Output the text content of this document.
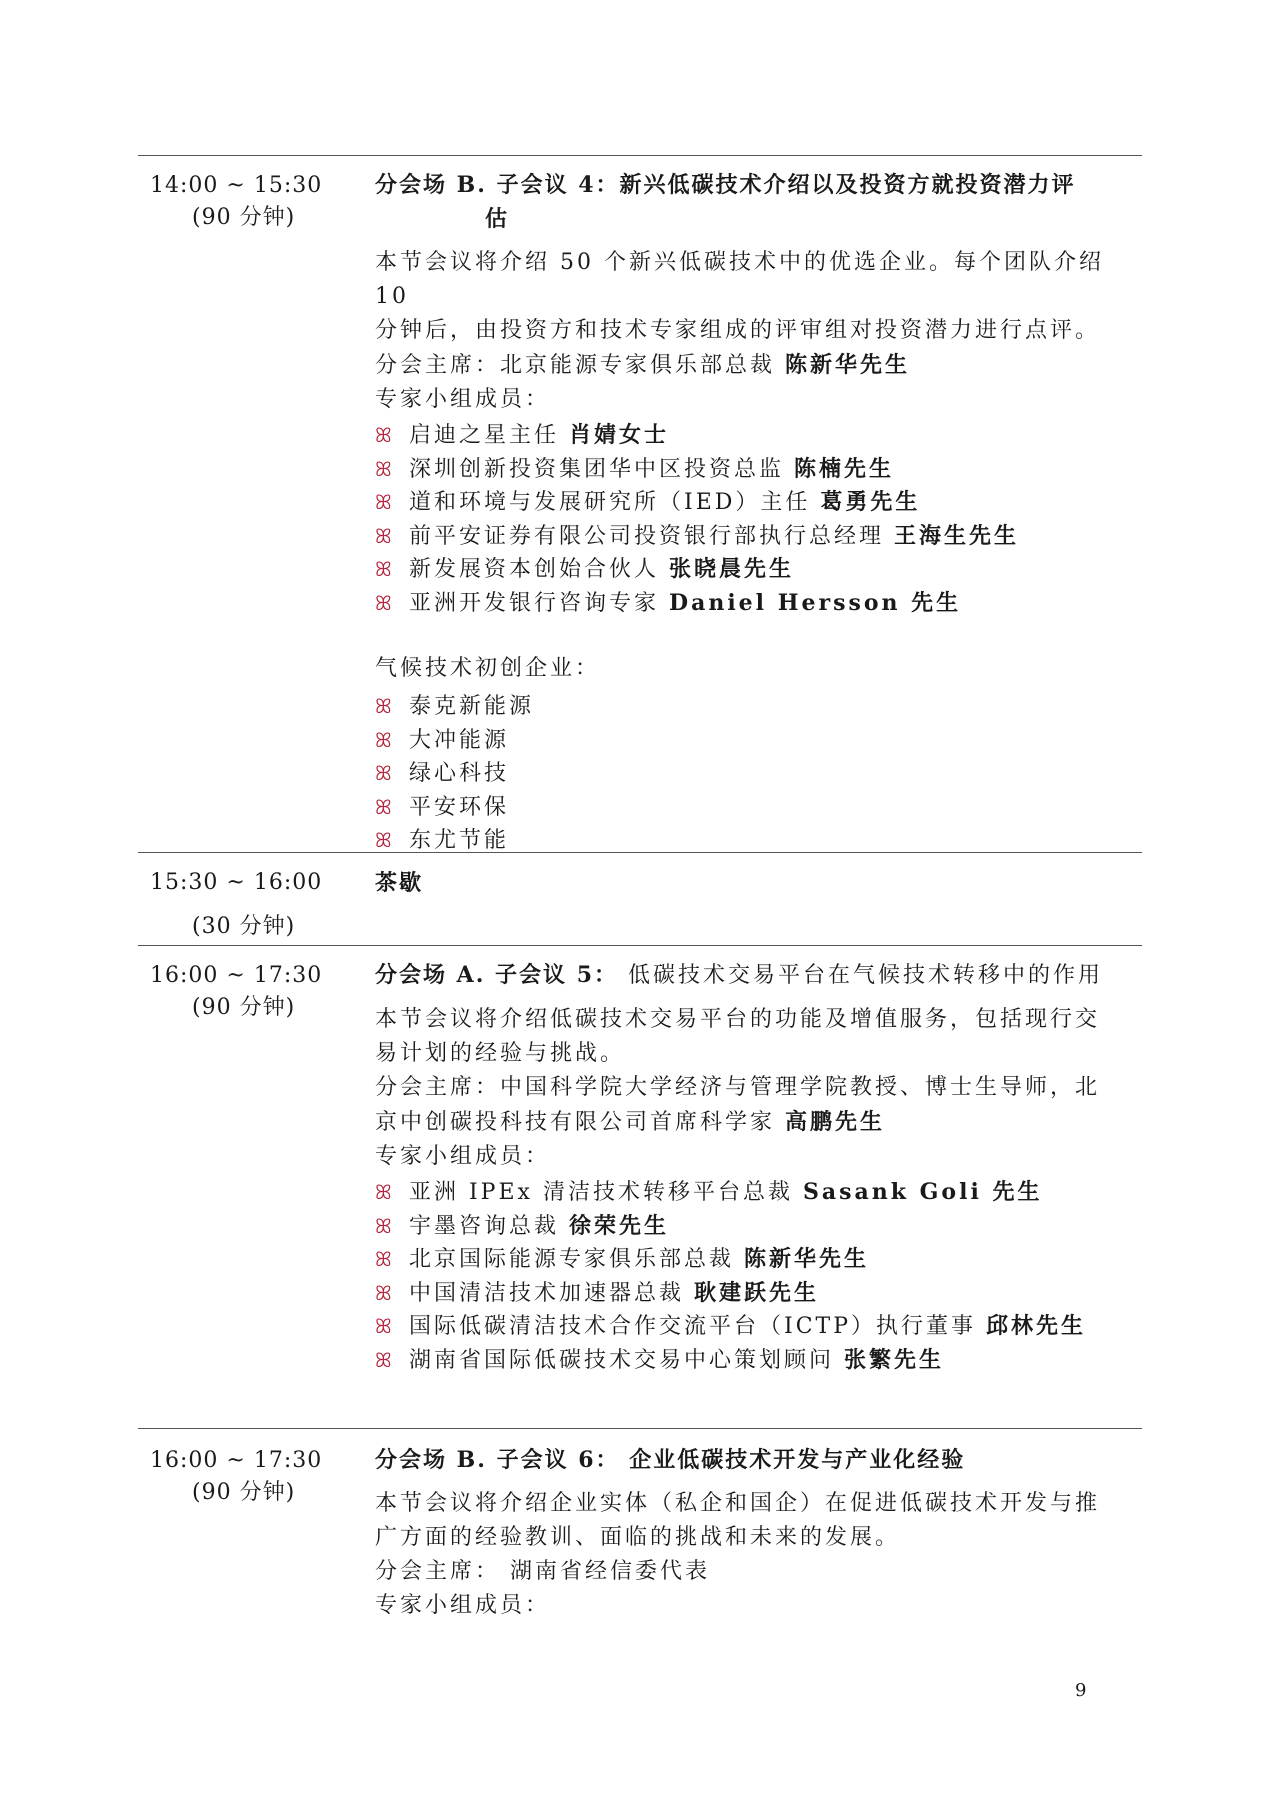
14:00 ~ 15:30
(90 分钟)
分会场 B. 子会议 4：新兴低碳技术介绍以及投资方就投资潜力评
估
本节会议将介绍 50 个新兴低碳技术中的优选企业。每个团队介绍 10
分钟后，由投资方和技术专家组成的评审组对投资潜力进行点评。
分会主席：北京能源专家俱乐部总裁 陈新华先生
专家小组成员：
ꕤ 启迪之星主任 肖婧女士
ꕤ 深圳创新投资集团华中区投资总监 陈楠先生
ꕤ 道和环境与发展研究所（IED）主任 葛勇先生
ꕤ 前平安证券有限公司投资银行部执行总经理 王海生先生
ꕤ 新发展资本创始合伙人 张晓晨先生
ꕤ 亚洲开发银行咨询专家 Daniel Hersson 先生
气候技术初创企业：
ꕤ 泰克新能源
ꕤ 大冲能源
ꕤ 绿心科技
ꕤ 平安环保
ꕤ 东尤节能
15:30 ~ 16:00
(30 分钟)
茶歇
16:00 ~ 17:30
(90 分钟)
分会场 A. 子会议 5： 低碳技术交易平台在气候技术转移中的作用
本节会议将介绍低碳技术交易平台的功能及增值服务，包括现行交
易计划的经验与挑战。
分会主席：中国科学院大学经济与管理学院教授、博士生导师，北
京中创碳投科技有限公司首席科学家 高鹏先生
专家小组成员：
ꕤ 亚洲 IPEx 清洁技术转移平台总裁 Sasank Goli 先生
ꕤ 宇墨咨询总裁 徐荣先生
ꕤ 北京国际能源专家俱乐部总裁 陈新华先生
ꕤ 中国清洁技术加速器总裁 耿建跃先生
ꕤ 国际低碳清洁技术合作交流平台（ICTP）执行董事 邱林先生
ꕤ 湖南省国际低碳技术交易中心策划顾问 张繁先生
16:00 ~ 17:30
(90 分钟)
分会场 B. 子会议 6： 企业低碳技术开发与产业化经验
本节会议将介绍企业实体（私企和国企）在促进低碳技术开发与推
广方面的经验教训、面临的挑战和未来的发展。
分会主席： 湖南省经信委代表
专家小组成员：
9
